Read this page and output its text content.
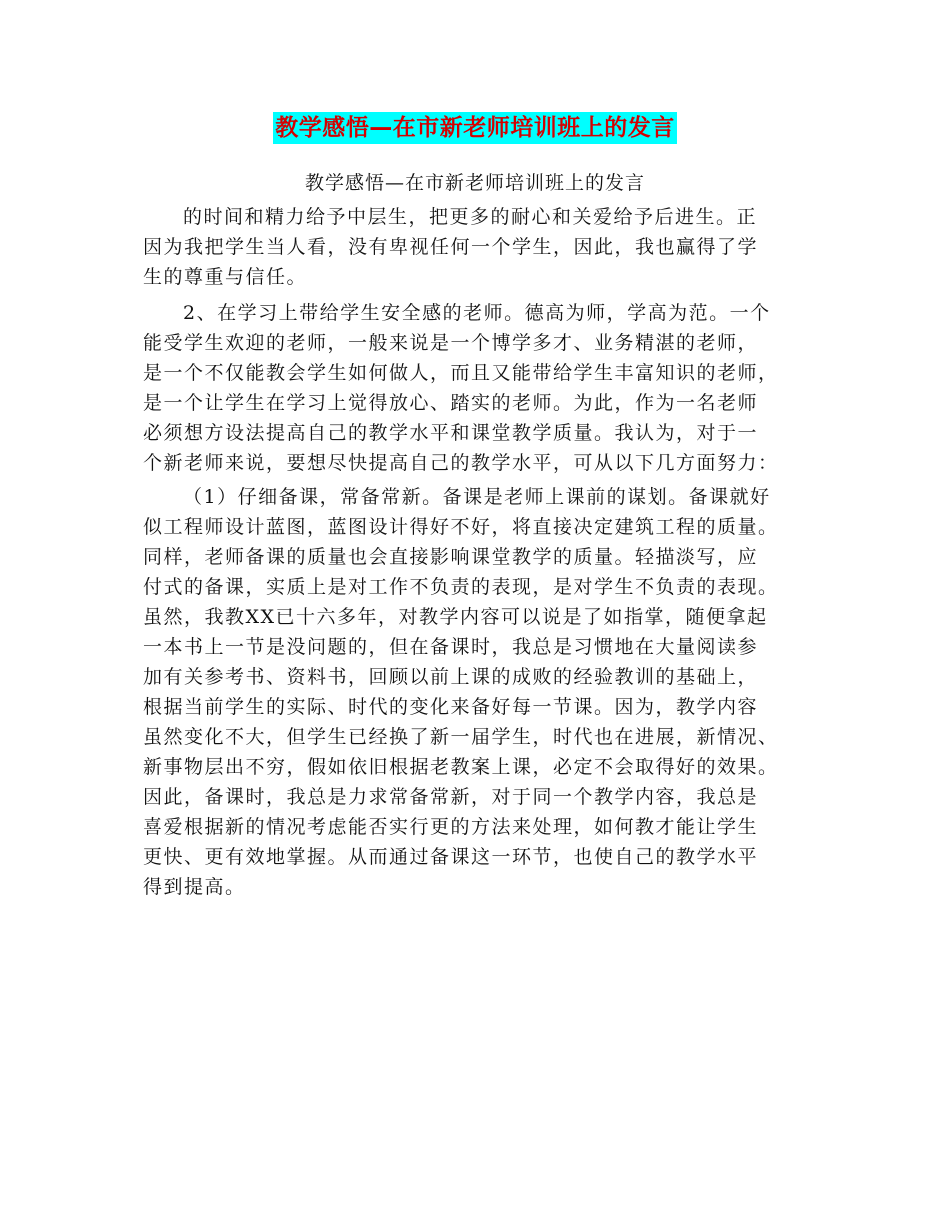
教学感悟—在市新老师培训班上的发言
教学感悟—在市新老师培训班上的发言
的时间和精力给予中层生，把更多的耐心和关爱给予后进生。正
因为我把学生当人看，没有卑视任何一个学生，因此，我也赢得了学
生的尊重与信任。
2、在学习上带给学生安全感的老师。德高为师，学高为范。一个
能受学生欢迎的老师，一般来说是一个博学多才、业务精湛的老师，
是一个不仅能教会学生如何做人，而且又能带给学生丰富知识的老师，
是一个让学生在学习上觉得放心、踏实的老师。为此，作为一名老师
必须想方设法提高自己的教学水平和课堂教学质量。我认为，对于一
个新老师来说，要想尽快提高自己的教学水平，可从以下几方面努力：
（1）仔细备课，常备常新。备课是老师上课前的谋划。备课就好
似工程师设计蓝图，蓝图设计得好不好，将直接决定建筑工程的质量。
同样，老师备课的质量也会直接影响课堂教学的质量。轻描淡写，应
付式的备课，实质上是对工作不负责的表现，是对学生不负责的表现。
虽然，我教XX已十六多年，对教学内容可以说是了如指掌，随便拿起
一本书上一节是没问题的，但在备课时，我总是习惯地在大量阅读参
加有关参考书、资料书，回顾以前上课的成败的经验教训的基础上，
根据当前学生的实际、时代的变化来备好每一节课。因为，教学内容
虽然变化不大，但学生已经换了新一届学生，时代也在进展，新情况、
新事物层出不穷，假如依旧根据老教案上课，必定不会取得好的效果。
因此，备课时，我总是力求常备常新，对于同一个教学内容，我总是
喜爱根据新的情况考虑能否实行更的方法来处理，如何教才能让学生
更快、更有效地掌握。从而通过备课这一环节，也使自己的教学水平
得到提高。
